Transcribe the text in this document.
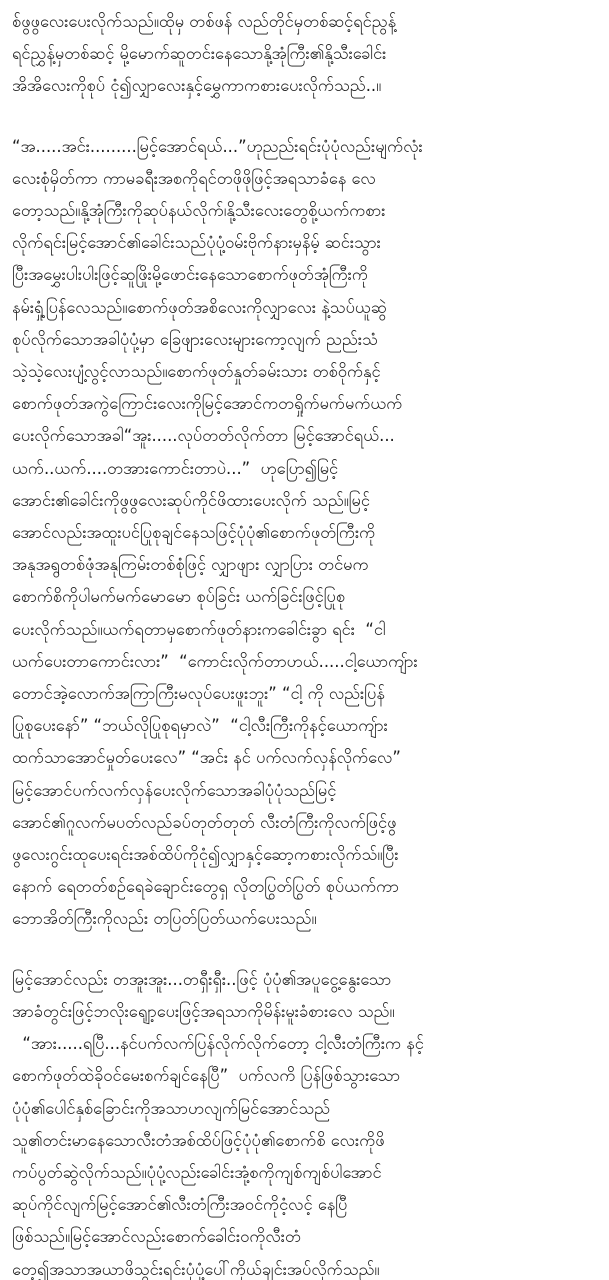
စ်ဖွဖွလေးပေးလိုက်သည်။ထိုမှ တစ်ဖန် လည်တိုင်မှတစ်ဆင့်ရင်ညွန့်
ရင်ညွှန့်မှတစ်ဆင့် မို့မောက်ဆူတင်းနေသောနို့အုံကြီး၏နို့သီးခေါင်း
အိအိလေးကိုစုပ် ငုံ၍လျှာလေးနှင့်မွှေကာကစားပေးလိုက်သည်..။

“အ.....အင်း.........မြင့်အောင်ရယ်...”ဟုညည်းရင်းပုံပုံလည်းမျက်လုံး
လေးစုံမှိတ်ကာ ကာမခရီးအစကိုရင်တဖိုဖိုဖြင့်အရသာခံနေ လေ
တော့သည်။နို့အုံကြီးကိုဆုပ်နယ်လိုက်၊နို့သီးလေးတွေစို့ယက်ကစား
လိုက်ရင်းမြင့်အောင်၏ခေါင်းသည်ပုံပုံ့ဝမ်းဗိုက်နားမှနိမ့် ဆင်းသွား
ပြီးအမွှေးပါးပါးဖြင့်ဆူဖြိုးမို့ဖောင်းနေသောစောက်ဖုတ်အုံကြီးကို
နမ်းရှုံ့ပြန်လေသည်။စောက်ဖုတ်အစိလေးကိုလျှာလေး နဲ့သပ်ယူဆွဲ
စုပ်လိုက်သောအခါပုံပုံ့မှာ ခြေဖျားလေးများကော့လျက် ညည်းသံ
သဲ့သဲ့လေးပျံ့လွင့်လာသည်။စောက်ဖုတ်နှုတ်ခမ်းသား တစ်ဝိုက်နှင့်
စောက်ဖုတ်အကွဲကြောင်းလေးကိုမြင့်အောင်ကတရှိုက်မက်မက်ယက်
ပေးလိုက်သောအခါ“အူး.....လုပ်တတ်လိုက်တာ မြင့်အောင်ရယ်...
ယက်..ယက်....တအားကောင်းတာပဲ...”  ဟုပြော၍မြင့်
အောင်း၏ခေါင်းကိုဖွဖွလေးဆုပ်ကိုင်ဖိထားပေးလိုက် သည်။မြင့်
အောင်လည်းအထူးပင်ပြုစုချင်နေသဖြင့်ပုံပုံ၏စောက်ဖုတ်ကြီးကို
အနုအရွတစ်ဖုံအနုကြမ်းတစ်စုံဖြင့် လျှာဖျား လျှာပြား တင်မက
စောက်စိကိုပါမက်မက်မောမော စုပ်ခြင်း ယက်ခြင်းဖြင့်ပြုစု
ပေးလိုက်သည်။ယက်ရတာမှစောက်ဖုတ်နားကခေါင်းခွာ ရင်း  “ငါ
ယက်ပေးတာကောင်းလား”  “ကောင်းလိုက်တာဟယ်.....ငါ့ယောကျ်ား
တောင်အဲ့လောက်အကြာကြီးမလုပ်ပေးဖူးဘူး” “ငါ့ ကို လည်းပြန်
ပြုစုပေးနော်” “ဘယ်လိုပြုစုရမှာလဲ”  “ငါ့လီးကြီးကိုနင့်ယောကျ်ား
ထက်သာအောင်မှုတ်ပေးလေ” “အင်း နင် ပက်လက်လှန်လိုက်လေ”
မြင့်အောင်ပက်လက်လှန်ပေးလိုက်သောအခါပုံပုံသည်မြင့်
အောင်၏ဂူလက်မပတ်လည်ခပ်တုတ်တုတ် လီးတံကြီးကိုလက်ဖြင့်ဖွ
ဖွလေးဂွင်းထုပေးရင်းအစ်ထိပ်ကိုငုံ၍လျှာနှင့်ဆော့ကစားလိုက်သ်။ပြီး
နောက် ရေတတ်စဉ်ရေခဲချောင်းတွေရှ လိုတပြွတ်ပြွတ် စုပ်ယက်ကာ
ဘောအိတ်ကြီးကိုလည်း တပြတ်ပြတ်ယက်ပေးသည်။

မြင့်အောင်လည်း တအူးအူး...တရှီးရှီး..ဖြင့် ပုံပုံ၏အပူငွေ့နွေးသော
အာခံတွင်းဖြင့်ဘလိုးရျော့ပေးဖြင့်အရသာကိုမိန်းမူးခံစားလေ သည်။
“အား.....ရပြီ...နင်ပက်လက်ပြန်လိုက်လိုက်တော့ ငါ့လီးတံကြီးက နင့်
စောက်ဖုတ်ထဲခိုဝင်မေးစက်ချင်နေပြီ”  ပက်လကိ ပြန်ဖြစ်သွားသော
ပုံပုံ၏ပေါင်နှစ်ခြောင်းကိုအသာဟလျက်မြင်အောင်သည်
သူ၏တင်းမာနေသောလီးတံအစ်ထိပ်ဖြင့်ပုံပုံ၏စောက်စိ လေးကိုဖိ
ကပ်ပွတ်ဆွဲလိုက်သည်။ပုံပုံ့လည်းခေါင်းအုံ့စကိုကျစ်ကျစ်ပါအောင်
ဆုပ်ကိုင်လျက်မြင့်အောင်၏လီးတံကြီးအဝင်ကိုငံ့လင့် နေပြီ
ဖြစ်သည်။မြင့်အောင်လည်းစောက်ခေါင်းဝကိုလီးတံ
တေ့၍အသာအယာဖိသွင်းရင်းပုံပုံ့ပေါ်ကိုယ်ချင်းအပ်လိုက်သည်။
